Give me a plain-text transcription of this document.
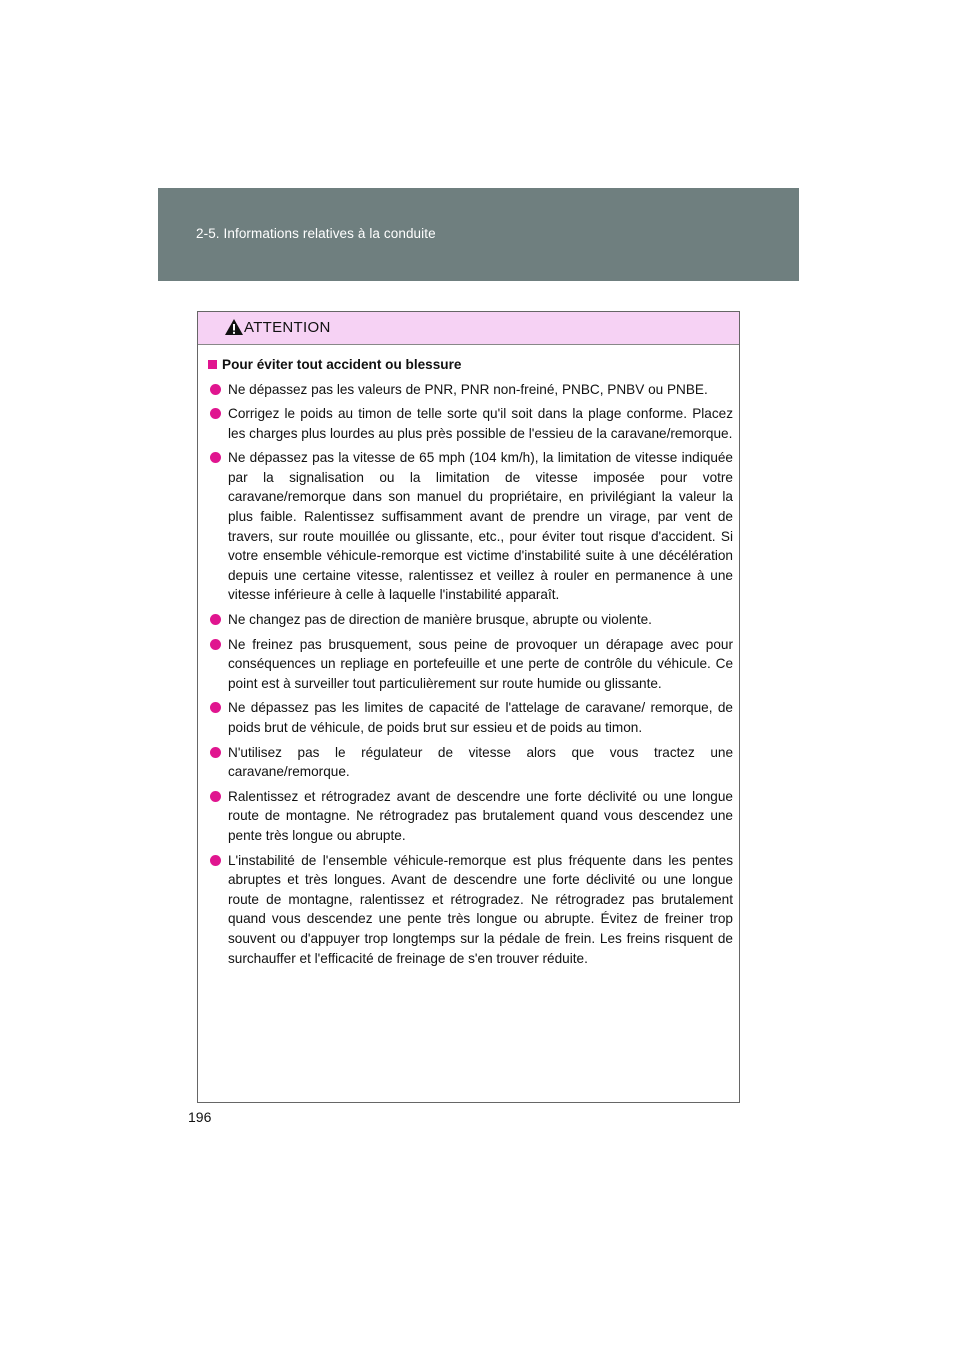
2-5. Informations relatives à la conduite
ATTENTION
Pour éviter tout accident ou blessure
Ne dépassez pas les valeurs de PNR, PNR non-freiné, PNBC, PNBV ou PNBE.
Corrigez le poids au timon de telle sorte qu'il soit dans la plage conforme. Placez les charges plus lourdes au plus près possible de l'essieu de la caravane/remorque.
Ne dépassez pas la vitesse de 65 mph (104 km/h), la limitation de vitesse indiquée par la signalisation ou la limitation de vitesse imposée pour votre caravane/remorque dans son manuel du propriétaire, en privilégiant la valeur la plus faible. Ralentissez suffisamment avant de prendre un virage, par vent de travers, sur route mouillée ou glissante, etc., pour éviter tout risque d'accident. Si votre ensemble véhicule-remorque est victime d'instabilité suite à une décélération depuis une certaine vitesse, ralentissez et veillez à rouler en permanence à une vitesse inférieure à celle à laquelle l'instabilité apparaît.
Ne changez pas de direction de manière brusque, abrupte ou violente.
Ne freinez pas brusquement, sous peine de provoquer un dérapage avec pour conséquences un repliage en portefeuille et une perte de contrôle du véhicule. Ce point est à surveiller tout particulièrement sur route humide ou glissante.
Ne dépassez pas les limites de capacité de l'attelage de caravane/ remorque, de poids brut de véhicule, de poids brut sur essieu et de poids au timon.
N'utilisez pas le régulateur de vitesse alors que vous tractez une caravane/remorque.
Ralentissez et rétrogradez avant de descendre une forte déclivité ou une longue route de montagne. Ne rétrogradez pas brutalement quand vous descendez une pente très longue ou abrupte.
L'instabilité de l'ensemble véhicule-remorque est plus fréquente dans les pentes abruptes et très longues. Avant de descendre une forte déclivité ou une longue route de montagne, ralentissez et rétrogradez. Ne rétrogradez pas brutalement quand vous descendez une pente très longue ou abrupte. Évitez de freiner trop souvent ou d'appuyer trop longtemps sur la pédale de frein. Les freins risquent de surchauffer et l'efficacité de freinage de s'en trouver réduite.
196
